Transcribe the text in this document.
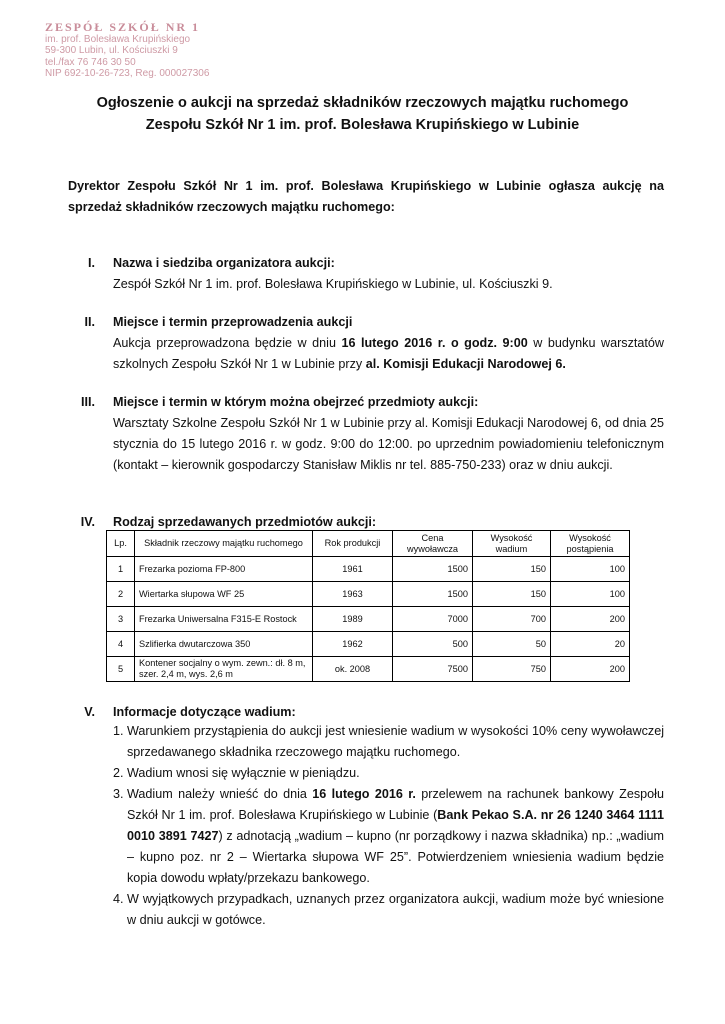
ZESPÓŁ SZKÓŁ NR 1
im. prof. Bolesława Krupińskiego
59-300 Lubin, ul. Kościuszki 9
tel./fax 76 746 30 50
NIP 692-10-26-723, Reg. 000027306
Ogłoszenie o aukcji na sprzedaż składników rzeczowych majątku ruchomego
Zespołu Szkół Nr 1 im. prof. Bolesława Krupińskiego w Lubinie
Dyrektor Zespołu Szkół Nr 1 im. prof. Bolesława Krupińskiego w Lubinie ogłasza aukcję na sprzedaż składników rzeczowych majątku ruchomego:
I. Nazwa i siedziba organizatora aukcji:
Zespół Szkół Nr 1 im. prof. Bolesława Krupińskiego w Lubinie, ul. Kościuszki 9.
II. Miejsce i termin przeprowadzenia aukcji
Aukcja przeprowadzona będzie w dniu 16 lutego 2016 r. o godz. 9:00 w budynku warsztatów
szkolnych Zespołu Szkół Nr 1 w Lubinie przy al. Komisji Edukacji Narodowej 6.
III. Miejsce i termin w którym można obejrzeć przedmioty aukcji:
Warsztaty Szkolne Zespołu Szkół Nr 1 w Lubinie przy al. Komisji Edukacji Narodowej 6, od dnia 25 stycznia do 15 lutego 2016 r. w godz. 9:00 do 12:00. po uprzednim powiadomieniu telefonicznym (kontakt – kierownik gospodarczy Stanisław Miklis nr tel. 885-750-233) oraz w dniu aukcji.
IV. Rodzaj sprzedawanych przedmiotów aukcji:
Lp.	Składnik rzeczowy majątku ruchomego	Rok produkcji	Cena wywoławcza	Wysokość wadium	Wysokość postąpienia
1	Frezarka pozioma FP-800	1961	1500	150	100
2	Wiertarka słupowa WF 25	1963	1500	150	100
3	Frezarka Uniwersalna F315-E Rostock	1989	7000	700	200
4	Szlifierka dwutarczowa 350	1962	500	50	20
5	Kontener socjalny o wym. zewn.: dł. 8 m, szer. 2,4 m, wys. 2,6 m	ok. 2008	7500	750	200
V. Informacje dotyczące wadium:
1. Warunkiem przystąpienia do aukcji jest wniesienie wadium w wysokości 10% ceny wywoławczej sprzedawanego składnika rzeczowego majątku ruchomego.
2. Wadium wnosi się wyłącznie w pieniądzu.
3. Wadium należy wnieść do dnia 16 lutego 2016 r. przelewem na rachunek bankowy Zespołu Szkół Nr 1 im. prof. Bolesława Krupińskiego w Lubinie (Bank Pekao S.A. nr 26 1240 3464 1111 0010 3891 7427) z adnotacją „wadium – kupno (nr porządkowy i nazwa składnika) np.: „wadium – kupno poz. nr 2 – Wiertarka słupowa WF 25”. Potwierdzeniem wniesienia wadium będzie kopia dowodu wpłaty/przekazu bankowego.
4. W wyjątkowych przypadkach, uznanych przez organizatora aukcji, wadium może być wniesione w dniu aukcji w gotówce.
